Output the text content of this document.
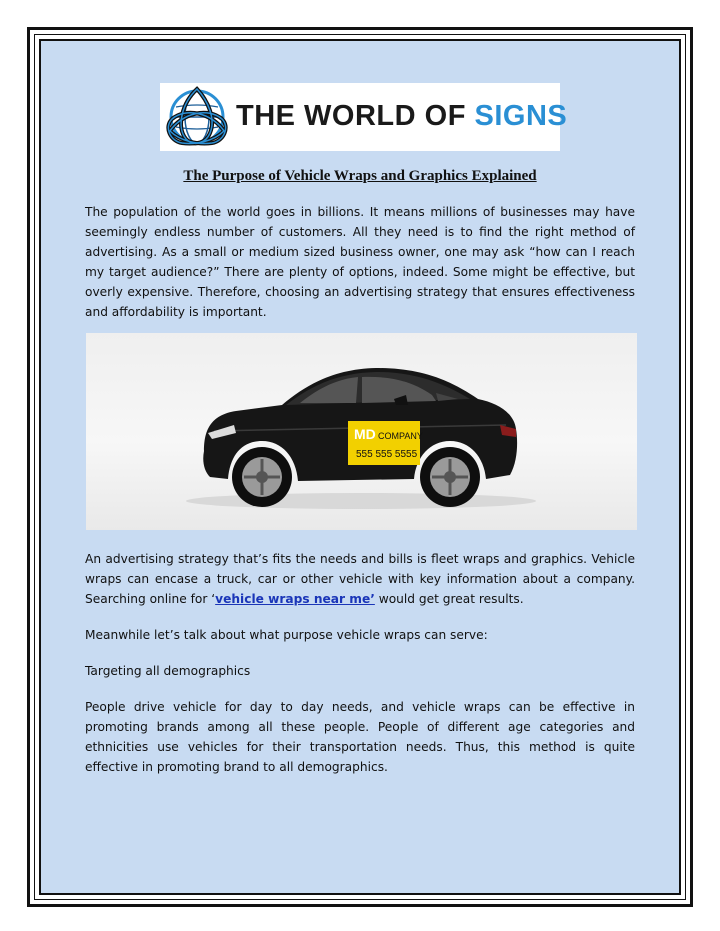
THE WORLD OF SIGNS
The Purpose of Vehicle Wraps and Graphics Explained

The population of the world goes in billions. It means millions of businesses may have seemingly endless number of customers. All they need is to find the right method of advertising. As a small or medium sized business owner, one may ask “how can I reach my target audience?” There are plenty of options, indeed. Some might be effective, but overly expensive. Therefore, choosing an advertising strategy that ensures effectiveness and affordability is important.

MD COMPANY
555 555 5555

An advertising strategy that’s fits the needs and bills is fleet wraps and graphics. Vehicle wraps can encase a truck, car or other vehicle with key information about a company. Searching online for ‘vehicle wraps near me’ would get great results.

Meanwhile let’s talk about what purpose vehicle wraps can serve:

Targeting all demographics

People drive vehicle for day to day needs, and vehicle wraps can be effective in promoting brands among all these people. People of different age categories and ethnicities use vehicles for their transportation needs. Thus, this method is quite effective in promoting brand to all demographics.
